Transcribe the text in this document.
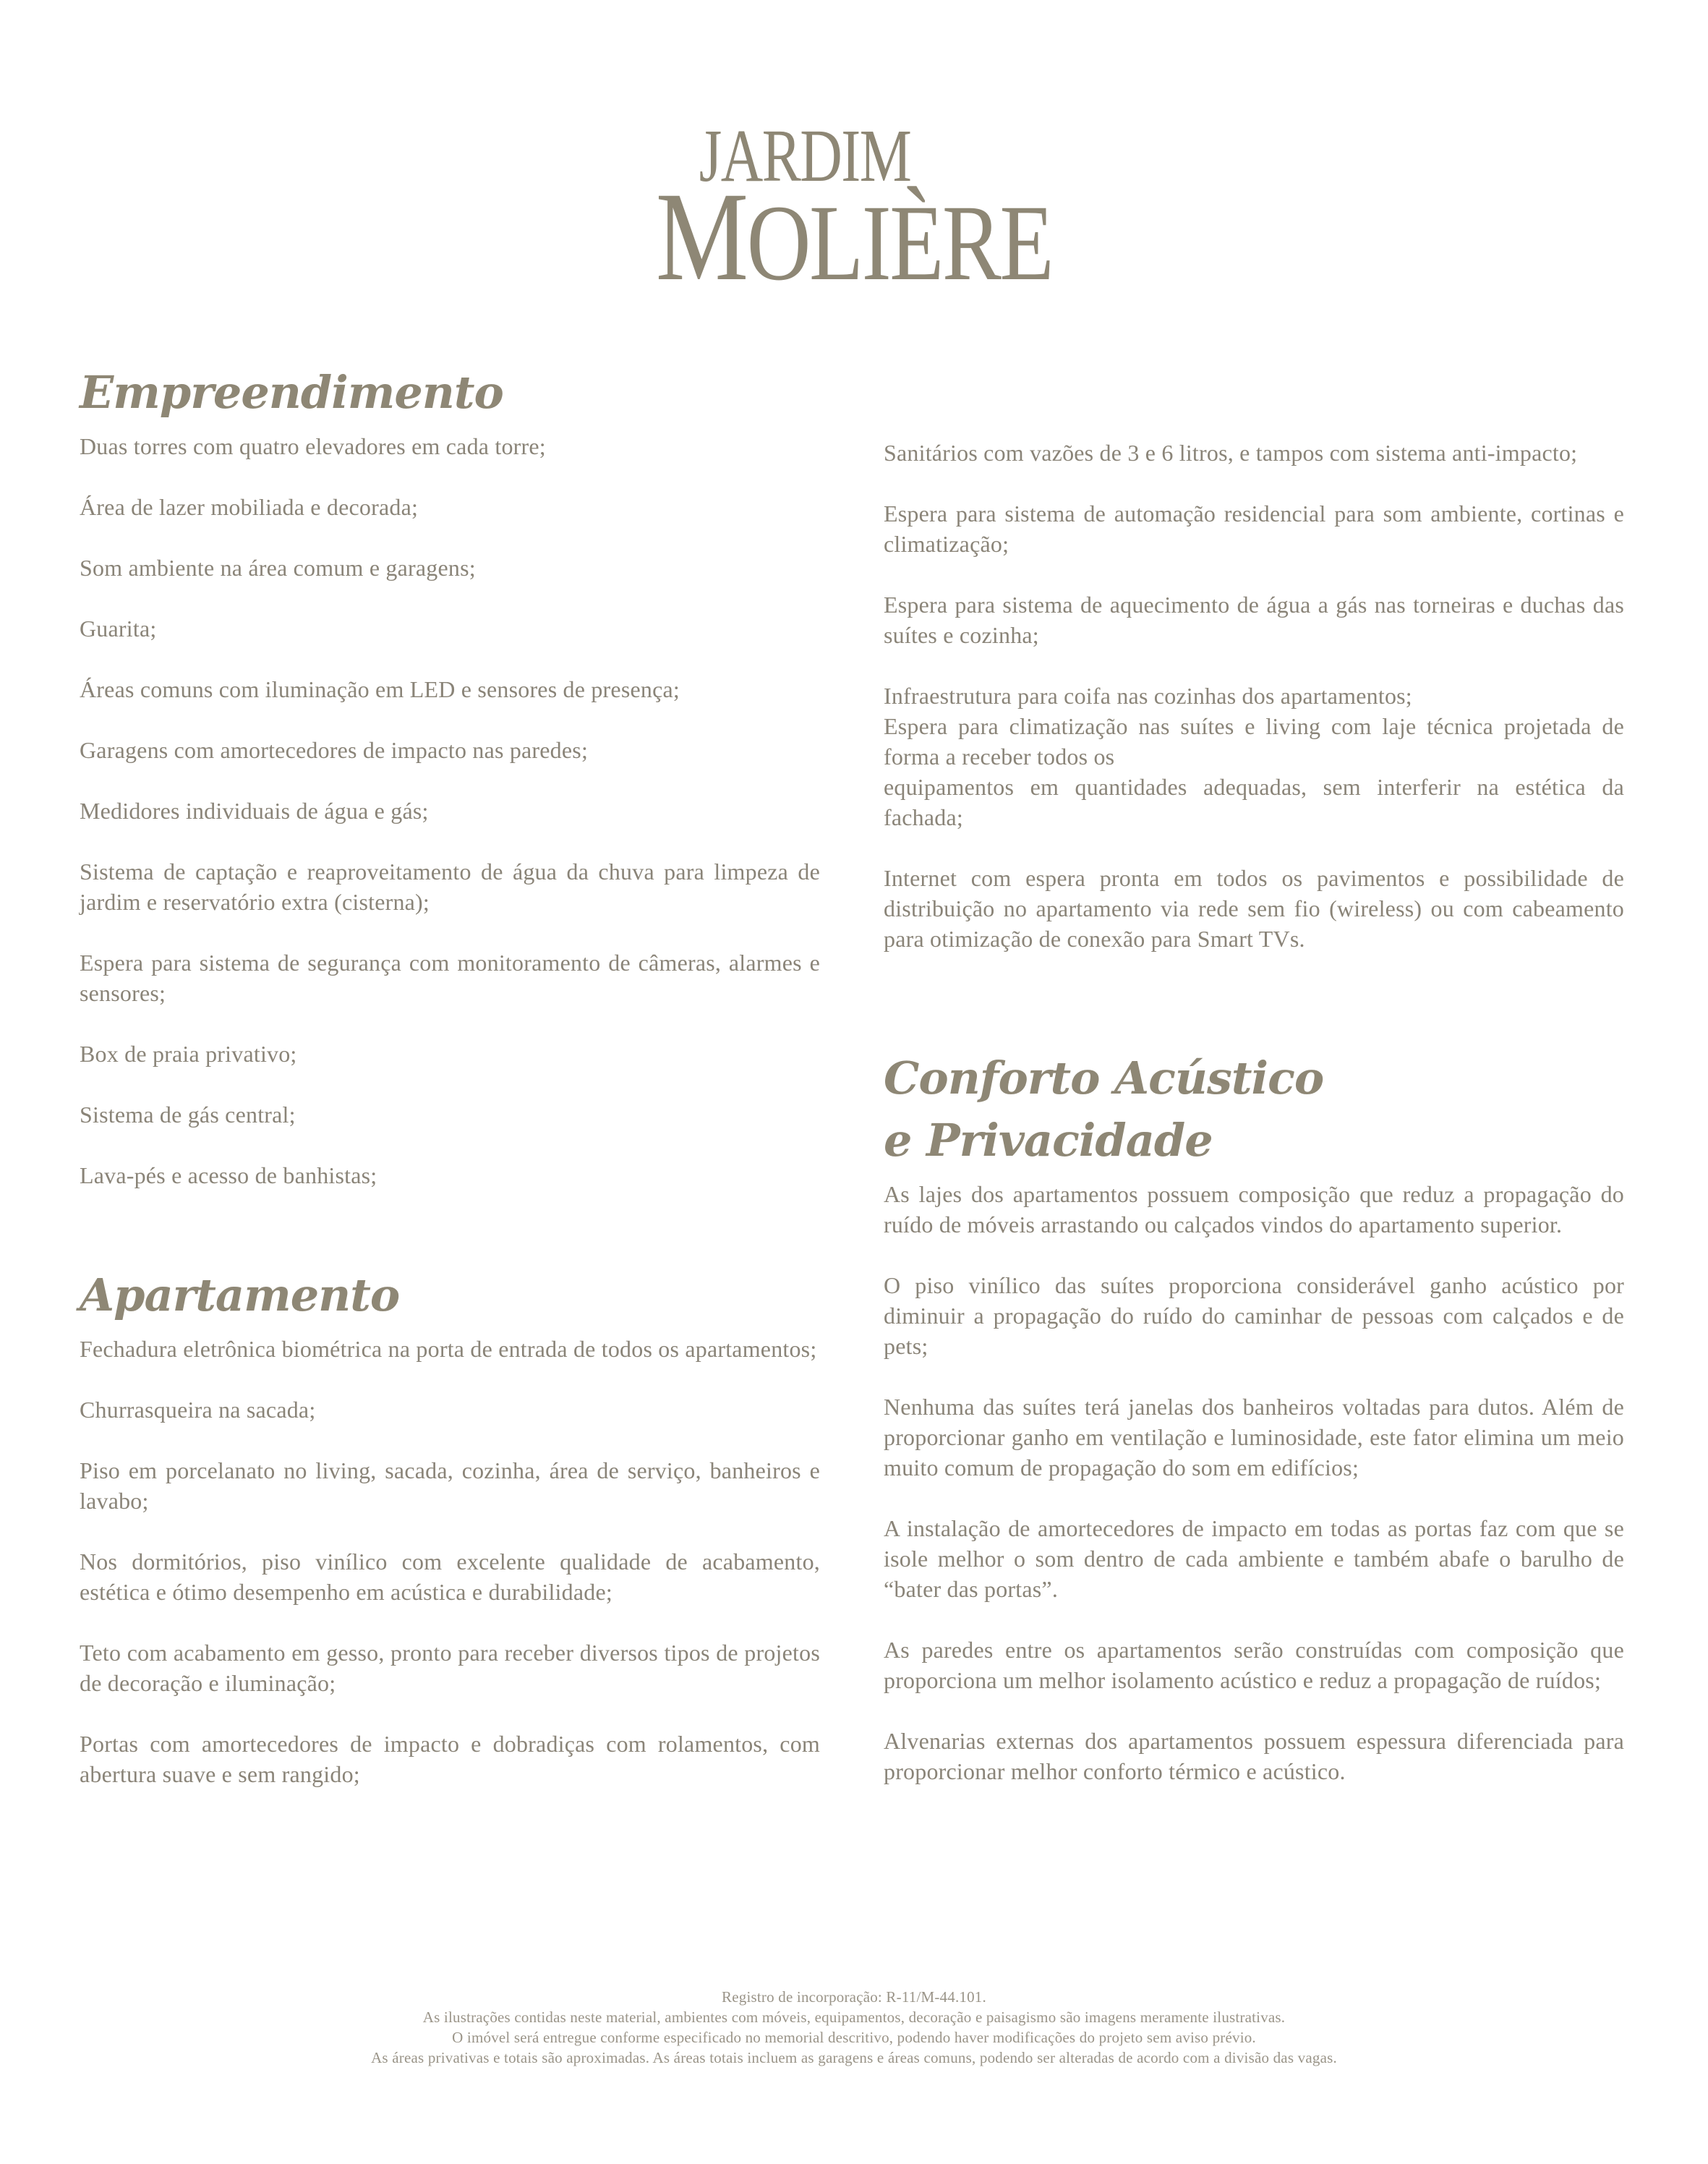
JARDIM
MOLIÈRE
Empreendimento

Duas torres com quatro elevadores em cada torre;

Área de lazer mobiliada e decorada;

Som ambiente na área comum e garagens;

Guarita;

Áreas comuns com iluminação em LED e sensores de presença;

Garagens com amortecedores de impacto nas paredes;

Medidores individuais de água e gás;

Sistema de captação e reaproveitamento de água da chuva para limpeza de jardim e reservatório extra (cisterna);

Espera para sistema de segurança com monitoramento de câmeras, alarmes e sensores;

Box de praia privativo;

Sistema de gás central;

Lava-pés e acesso de banhistas;

Apartamento

Fechadura eletrônica biométrica na porta de entrada de todos os apartamentos;

Churrasqueira na sacada;

Piso em porcelanato no living, sacada, cozinha, área de serviço, banheiros e lavabo;

Nos dormitórios, piso vinílico com excelente qualidade de acabamento, estética e ótimo desempenho em acústica e durabilidade;

Teto com acabamento em gesso, pronto para receber diversos tipos de projetos de decoração e iluminação;

Portas com amortecedores de impacto e dobradiças com rolamentos, com abertura suave e sem rangido;

Sanitários com vazões de 3 e 6 litros, e tampos com sistema anti-impacto;

Espera para sistema de automação residencial para som ambiente, cortinas e climatização;

Espera para sistema de aquecimento de água a gás nas torneiras e duchas das suítes e cozinha;

Infraestrutura para coifa nas cozinhas dos apartamentos;

Espera para climatização nas suítes e living com laje técnica projetada de forma a receber todos os

equipamentos em quantidades adequadas, sem interferir na estética da fachada;

Internet com espera pronta em todos os pavimentos e possibilidade de distribuição no apartamento via rede sem fio (wireless) ou com cabeamento para otimização de conexão para Smart TVs.

Conforto Acústico
e Privacidade

As lajes dos apartamentos possuem composição que reduz a propagação do ruído de móveis arrastando ou calçados vindos do apartamento superior.

O piso vinílico das suítes proporciona considerável ganho acústico por diminuir a propagação do ruído do caminhar de pessoas com calçados e de pets;

Nenhuma das suítes terá janelas dos banheiros voltadas para dutos. Além de proporcionar ganho em ventilação e luminosidade, este fator elimina um meio muito comum de propagação do som em edifícios;

A instalação de amortecedores de impacto em todas as portas faz com que se isole melhor o som dentro de cada ambiente e também abafe o barulho de “bater das portas”.

As paredes entre os apartamentos serão construídas com composição que proporciona um melhor isolamento acústico e reduz a propagação de ruídos;

Alvenarias externas dos apartamentos possuem espessura diferenciada para proporcionar melhor conforto térmico e acústico.

Registro de incorporação: R-11/M-44.101.

As ilustrações contidas neste material, ambientes com móveis, equipamentos, decoração e paisagismo são imagens meramente ilustrativas.

O imóvel será entregue conforme especificado no memorial descritivo, podendo haver modificações do projeto sem aviso prévio.

As áreas privativas e totais são aproximadas. As áreas totais incluem as garagens e áreas comuns, podendo ser alteradas de acordo com a divisão das vagas.
